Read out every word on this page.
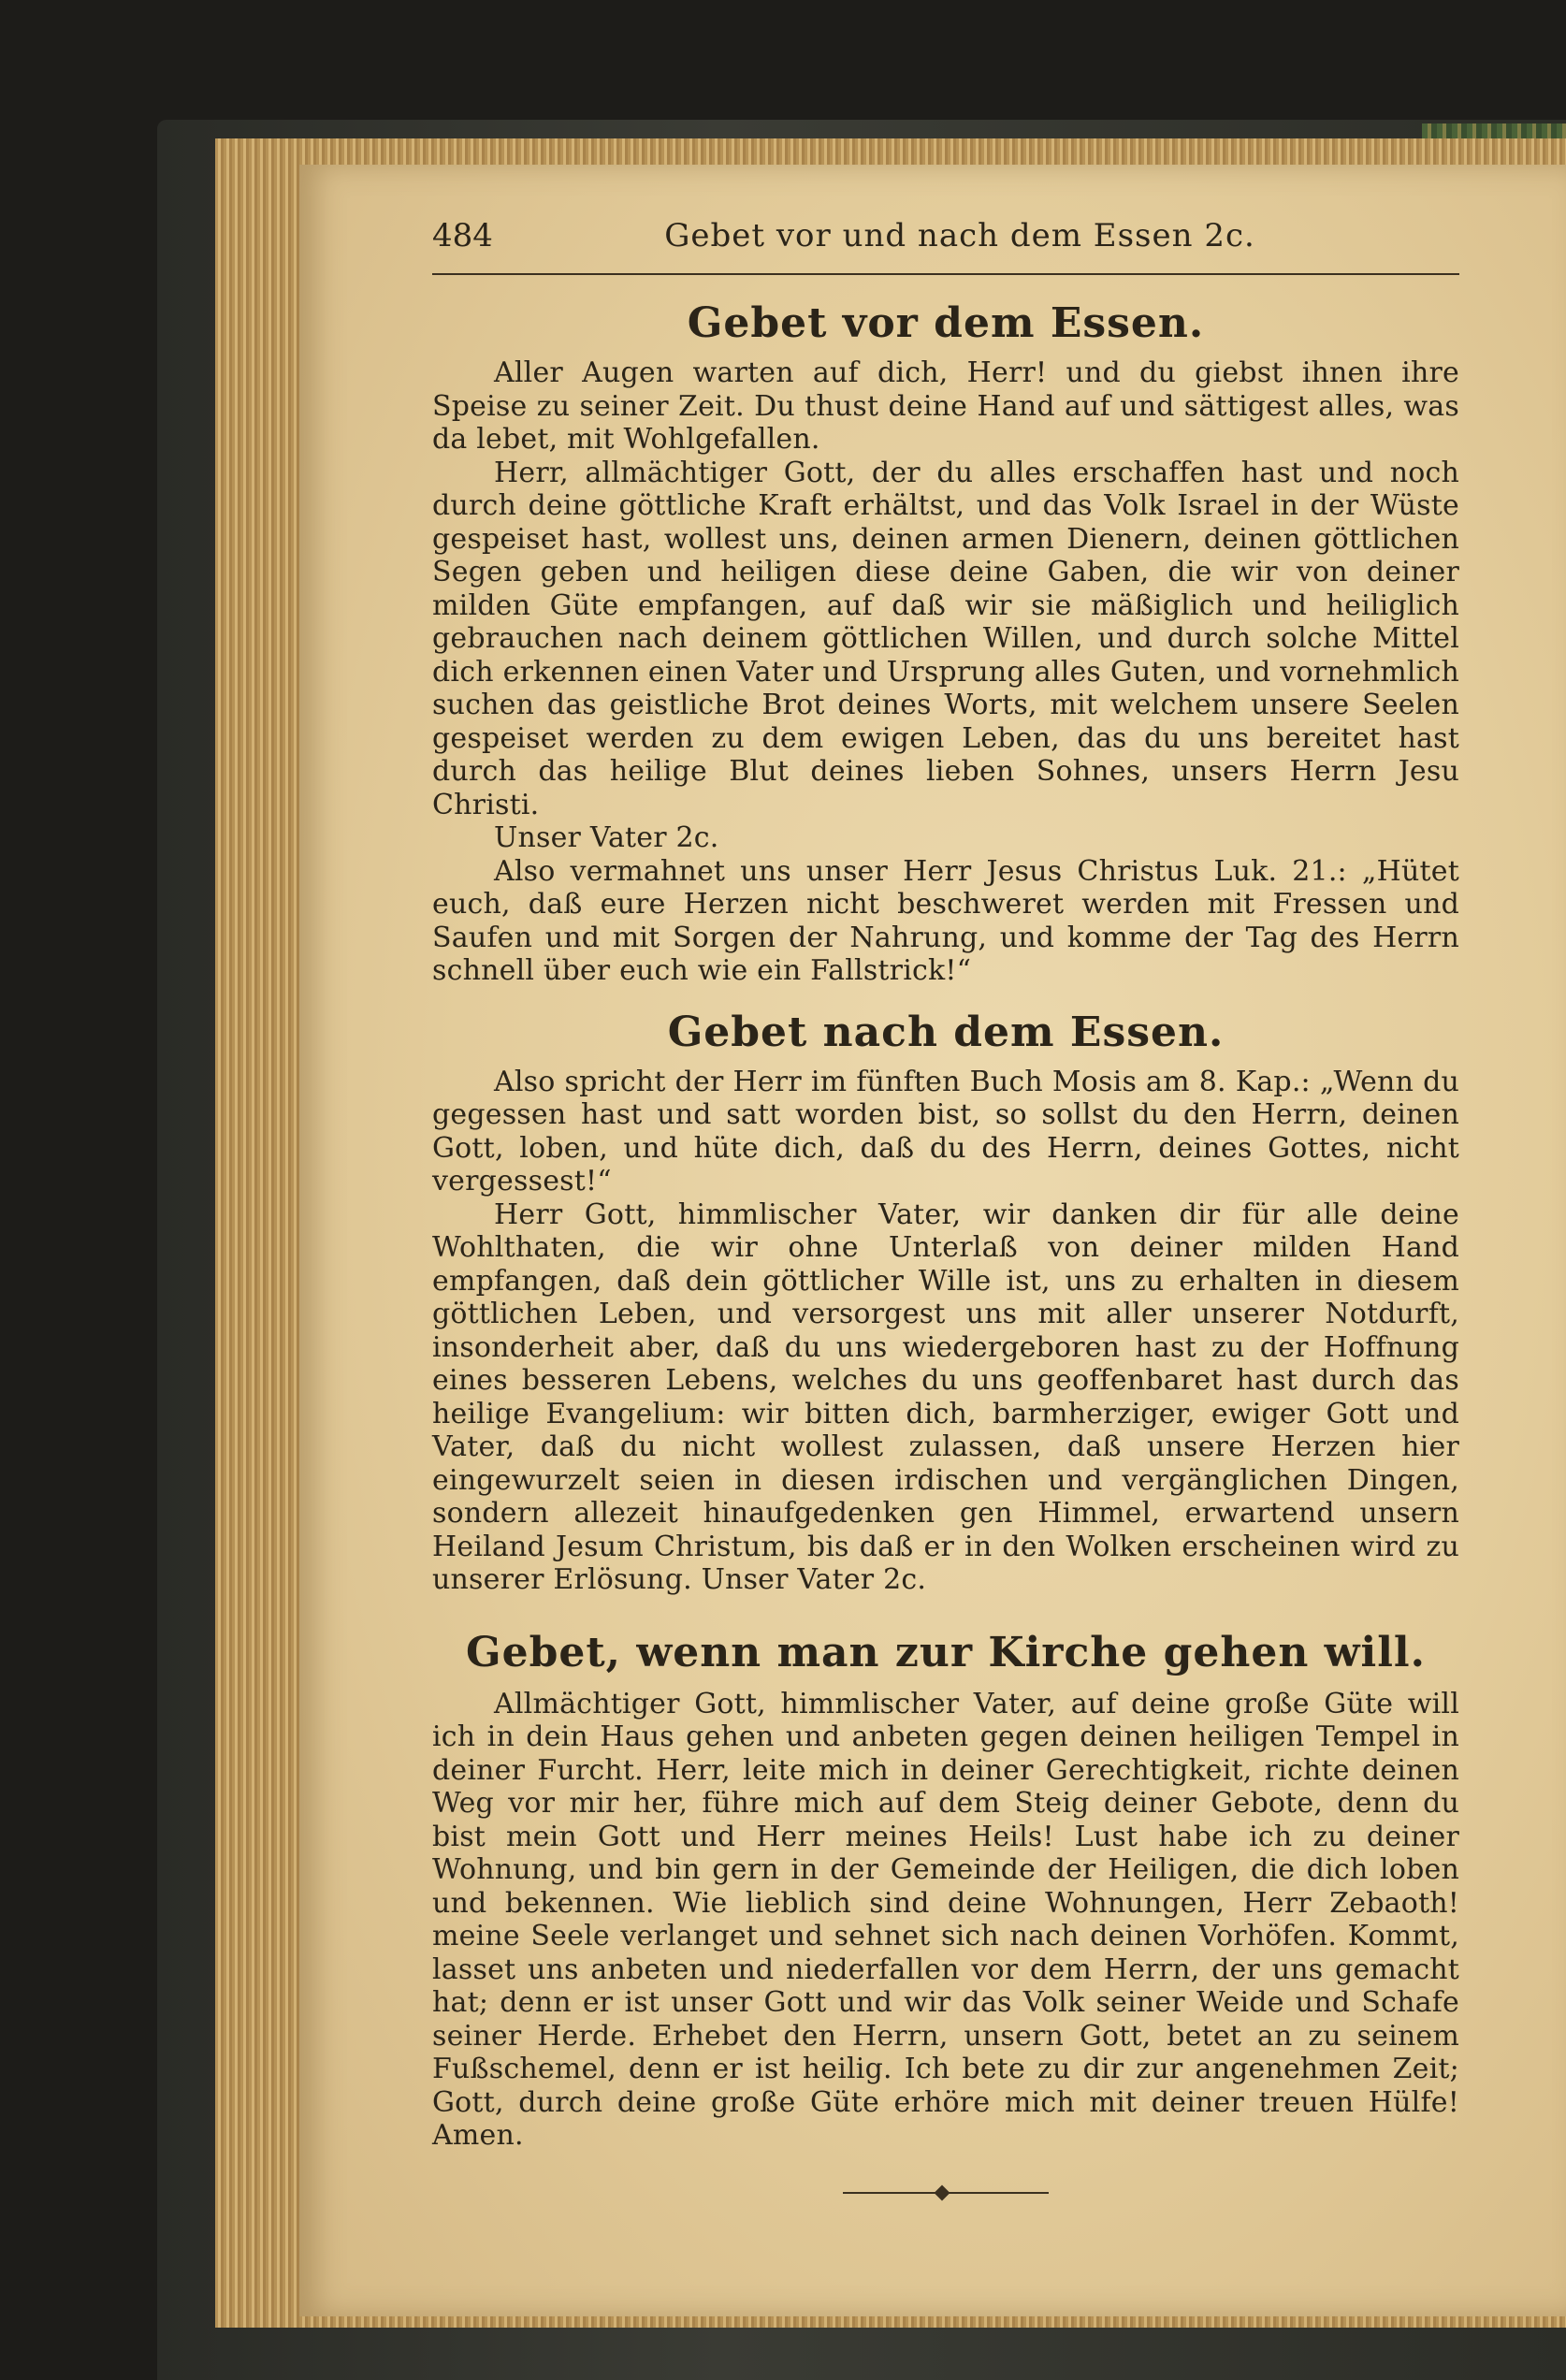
484	Gebet vor und nach dem Essen 2c.
Gebet vor dem Essen.

Aller Augen warten auf dich, Herr! und du giebst ihnen ihre Speise zu seiner Zeit. Du thust deine Hand auf und sättigest alles, was da lebet, mit Wohlgefallen.

Herr, allmächtiger Gott, der du alles erschaffen hast und noch durch deine göttliche Kraft erhältst, und das Volk Israel in der Wüste gespeiset hast, wollest uns, deinen armen Dienern, deinen göttlichen Segen geben und heiligen diese deine Gaben, die wir von deiner milden Güte empfangen, auf daß wir sie mäßiglich und heiliglich gebrauchen nach deinem göttlichen Willen, und durch solche Mittel dich erkennen einen Vater und Ursprung alles Guten, und vornehmlich suchen das geistliche Brot deines Worts, mit welchem unsere Seelen gespeiset werden zu dem ewigen Leben, das du uns bereitet hast durch das heilige Blut deines lieben Sohnes, unsers Herrn Jesu Christi.

Unser Vater 2c.

Also vermahnet uns unser Herr Jesus Christus Luk. 21.: „Hütet euch, daß eure Herzen nicht beschweret werden mit Fressen und Saufen und mit Sorgen der Nahrung, und komme der Tag des Herrn schnell über euch wie ein Fallstrick!“

Gebet nach dem Essen.

Also spricht der Herr im fünften Buch Mosis am 8. Kap.: „Wenn du gegessen hast und satt worden bist, so sollst du den Herrn, deinen Gott, loben, und hüte dich, daß du des Herrn, deines Gottes, nicht vergessest!“

Herr Gott, himmlischer Vater, wir danken dir für alle deine Wohlthaten, die wir ohne Unterlaß von deiner milden Hand empfangen, daß dein göttlicher Wille ist, uns zu erhalten in diesem göttlichen Leben, und versorgest uns mit aller unserer Notdurft, insonderheit aber, daß du uns wiedergeboren hast zu der Hoffnung eines besseren Lebens, welches du uns geoffenbaret hast durch das heilige Evangelium: wir bitten dich, barmherziger, ewiger Gott und Vater, daß du nicht wollest zulassen, daß unsere Herzen hier eingewurzelt seien in diesen irdischen und vergänglichen Dingen, sondern allezeit hinaufgedenken gen Himmel, erwartend unsern Heiland Jesum Christum, bis daß er in den Wolken erscheinen wird zu unserer Erlösung. Unser Vater 2c.

Gebet, wenn man zur Kirche gehen will.

Allmächtiger Gott, himmlischer Vater, auf deine große Güte will ich in dein Haus gehen und anbeten gegen deinen heiligen Tempel in deiner Furcht. Herr, leite mich in deiner Gerechtigkeit, richte deinen Weg vor mir her, führe mich auf dem Steig deiner Gebote, denn du bist mein Gott und Herr meines Heils! Lust habe ich zu deiner Wohnung, und bin gern in der Gemeinde der Heiligen, die dich loben und bekennen. Wie lieblich sind deine Wohnungen, Herr Zebaoth! meine Seele verlanget und sehnet sich nach deinen Vorhöfen. Kommt, lasset uns anbeten und niederfallen vor dem Herrn, der uns gemacht hat; denn er ist unser Gott und wir das Volk seiner Weide und Schafe seiner Herde. Erhebet den Herrn, unsern Gott, betet an zu seinem Fußschemel, denn er ist heilig. Ich bete zu dir zur angenehmen Zeit; Gott, durch deine große Güte erhöre mich mit deiner treuen Hülfe! Amen.
